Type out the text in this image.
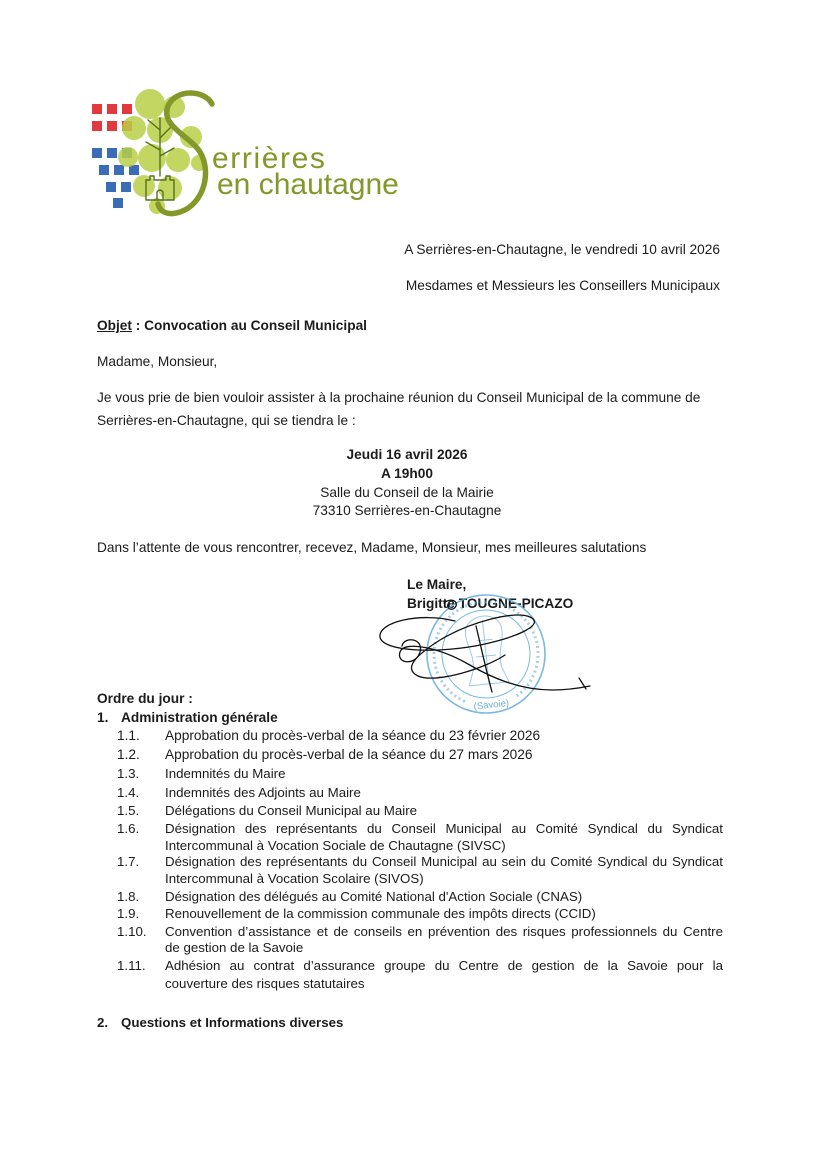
errières
en chautagne
A Serrières-en-Chautagne, le vendredi 10 avril 2026
Mesdames et Messieurs les Conseillers Municipaux
Objet : Convocation au Conseil Municipal
Madame, Monsieur,
Je vous prie de bien vouloir assister à la prochaine réunion du Conseil Municipal de la commune de
Serrières-en-Chautagne, qui se tiendra le :
Jeudi 16 avril 2026
A 19h00
Salle du Conseil de la Mairie
73310 Serrières-en-Chautagne
Dans l’attente de vous rencontrer, recevez, Madame, Monsieur, mes meilleures salutations
Le Maire,
Brigitte TOUGNE-PICAZO
(Savoie)
Ordre du jour :
1. Administration générale
1.1. Approbation du procès-verbal de la séance du 23 février 2026
1.2. Approbation du procès-verbal de la séance du 27 mars 2026
1.3. Indemnités du Maire
1.4. Indemnités des Adjoints au Maire
1.5. Délégations du Conseil Municipal au Maire
1.6. Désignation des représentants du Conseil Municipal au Comité Syndical du Syndicat
Intercommunal à Vocation Sociale de Chautagne (SIVSC)
1.7. Désignation des représentants du Conseil Municipal au sein du Comité Syndical du Syndicat
Intercommunal à Vocation Scolaire (SIVOS)
1.8. Désignation des délégués au Comité National d'Action Sociale (CNAS)
1.9. Renouvellement de la commission communale des impôts directs (CCID)
1.10. Convention d’assistance et de conseils en prévention des risques professionnels du Centre
de gestion de la Savoie
1.11. Adhésion au contrat d’assurance groupe du Centre de gestion de la Savoie pour la
couverture des risques statutaires
2. Questions et Informations diverses
